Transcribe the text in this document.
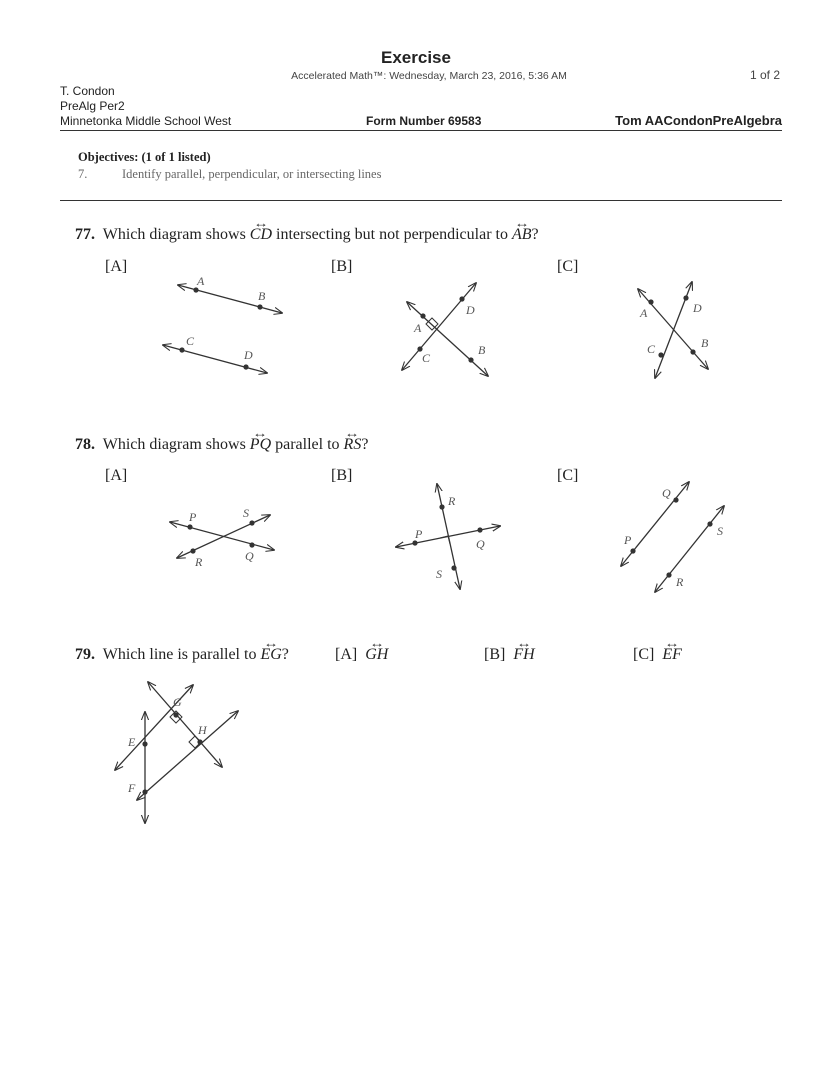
Exercise
Accelerated Math™: Wednesday, March 23, 2016, 5:36 AM	1 of 2
T. Condon
PreAlg Per2
Minnetonka Middle School West	Form Number 69583	Tom AACondonPreAlgebra
Objectives: (1 of 1 listed)
7.	Identify parallel, perpendicular, or intersecting lines
77. Which diagram shows ↔ CD intersecting but not perpendicular to ↔ AB?
[A]	[B]	[C]
A
B
C
D
A
D
C
B
A	D
C	B
78. Which diagram shows ↔ PQ parallel to ↔ RS?
[A]	[B]	[C]
P	S
R	Q
R
P
Q
S
Q
P
S
R
79. Which line is parallel to ↔ EG?	[A] ↔ GH	[B] ↔ FH	[C] ↔ EF
G
E
H
F
